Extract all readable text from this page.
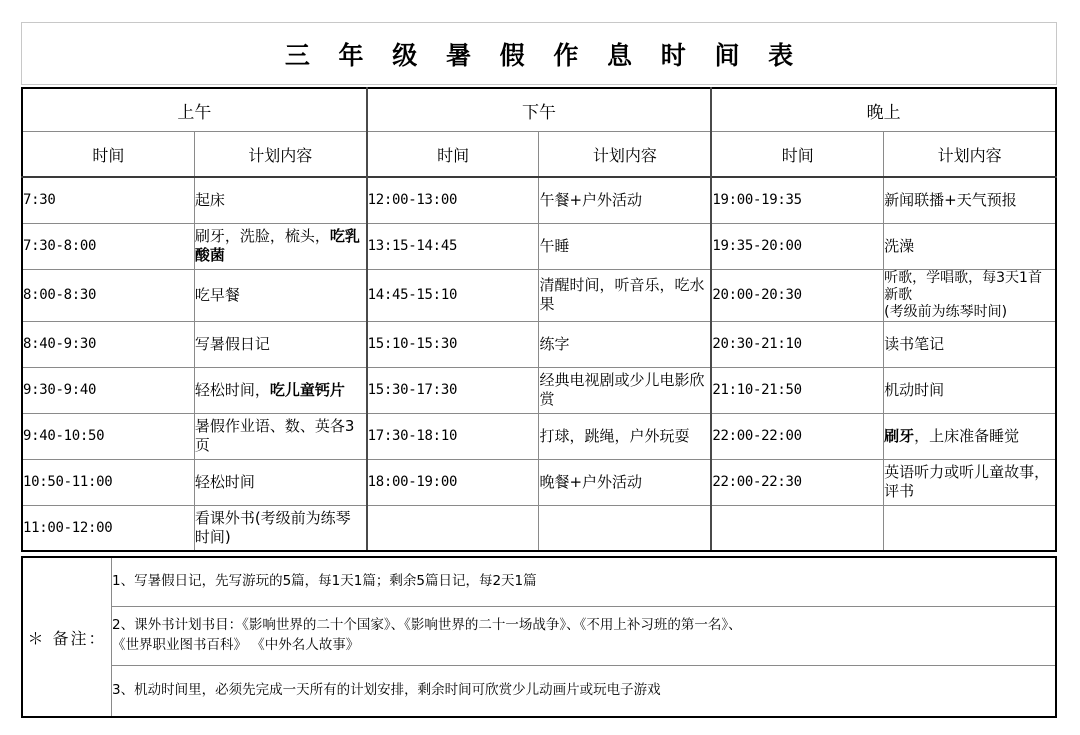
三 年 级 暑 假 作 息 时 间 表
上午		下午		晚上	
时间	计划内容	时间	计划内容	时间	计划内容
7:30	起床	12:00-13:00	午餐+户外活动	19:00-19:35	新闻联播+天气预报
7:30-8:00	刷牙，洗脸，梳头，吃乳酸菌	13:15-14:45	午睡	19:35-20:00	洗澡
8:00-8:30	吃早餐	14:45-15:10	清醒时间，听音乐，吃水果	20:00-20:30	听歌，学唱歌，每3天1首新歌
(考级前为练琴时间)
8:40-9:30	写暑假日记	15:10-15:30	练字	20:30-21:10	读书笔记
9:30-9:40	轻松时间，吃儿童钙片	15:30-17:30	经典电视剧或少儿电影欣赏	21:10-21:50	机动时间
9:40-10:50	暑假作业语、数、英各3页	17:30-18:10	打球，跳绳，户外玩耍	22:00-22:00	刷牙，上床准备睡觉
10:50-11:00	轻松时间	18:00-19:00	晚餐+户外活动	22:00-22:30	英语听力或听儿童故事，评书
11:00-12:00	看课外书(考级前为练琴时间)				
＊ 备注：	1、写暑假日记，先写游玩的5篇，每1天1篇；剩余5篇日记，每2天1篇
2、课外书计划书目：《影响世界的二十个国家》、《影响世界的二十一场战争》、《不用上补习班的第一名》、
《世界职业图书百科》 《中外名人故事》
3、机动时间里，必须先完成一天所有的计划安排，剩余时间可欣赏少儿动画片或玩电子游戏
